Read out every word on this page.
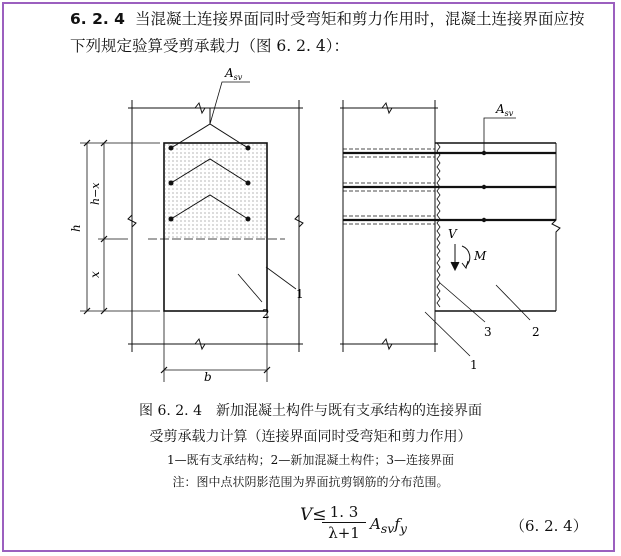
6. 2. 4 当混凝土连接界面同时受弯矩和剪力作用时，混凝土连接界面应按下列规定验算受剪承载力（图 6. 2. 4）：
$A_{sv}$
$A_{sv}$
h
h−x
x
b
V
M
1
2
3	2
1
图 6. 2. 4 新加混凝土构件与既有支承结构的连接界面
受剪承载力计算（连接界面同时受弯矩和剪力作用）
1—既有支承结构；2—新加混凝土构件；3—连接界面
注：图中点状阴影范围为界面抗剪钢筋的分布范围。
V≤
$\frac{1. 3}{\lambda+1} A_{sv}f_y$	（6. 2. 4）
